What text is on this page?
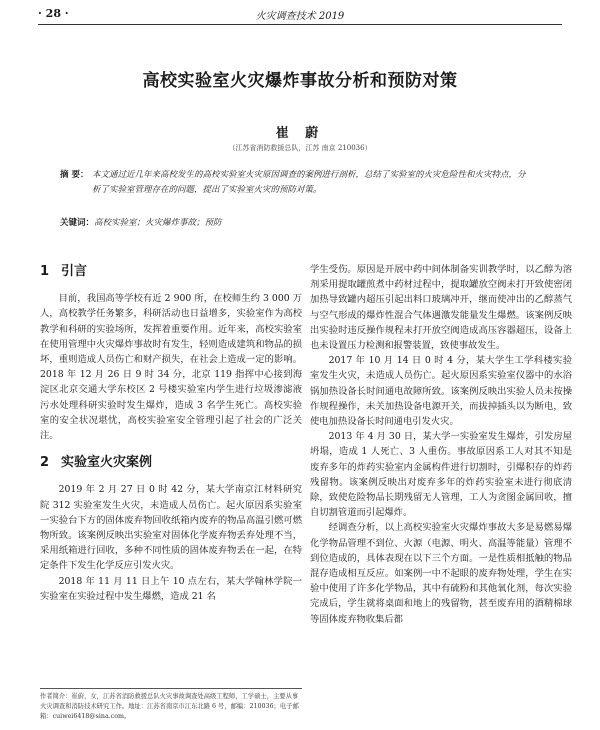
· 28 ·	火灾调查技术 2019
高校实验室火灾爆炸事故分析和预防对策
崔 蔚
（江苏省消防救援总队，江苏 南京 210036）
摘 要： 本文通过近几年来高校发生的高校实验室火灾原因调查的案例进行剖析，总结了实验室的火灾危险性和火灾特点，分析了实验室管理存在的问题，提出了实验室火灾的预防对策。
关键词：高校实验室；火灾爆炸事故；预防
1 引言

目前，我国高等学校有近 2 900 所，在校师生约 3 000 万人，高校教学任务繁多，科研活动也日益增多，实验室作为高校教学和科研的实验场所，发挥着重要作用。近年来，高校实验室在使用管理中火灾爆炸事故时有发生，轻则造成建筑和物品的损坏，重则造成人员伤亡和财产损失，在社会上造成一定的影响。2018 年 12 月 26 日 9 时 34 分，北京 119 指挥中心接到海淀区北京交通大学东校区 2 号楼实验室内学生进行垃圾渗滤液污水处理科研实验时发生爆炸，造成 3 名学生死亡。高校实验室的安全状况堪忧，高校实验室安全管理引起了社会的广泛关注。

2 实验室火灾案例

2019 年 2 月 27 日 0 时 42 分，某大学南京江材料研究院 312 实验室发生火灾，未造成人员伤亡。起火原因系实验室一实验台下方的固体废弃物回收纸箱内废弃的物品高温引燃可燃物所致。该案例反映出实验室对固体化学废弃物丢弃处理不当，采用纸箱进行回收，多种不同性质的固体废弃物丢在一起，在特定条件下发生化学反应引发火灾。

2018 年 11 月 11 日上午 10 点左右，某大学翰林学院一实验室在实验过程中发生爆燃，造成 21 名

学生受伤。原因是开展中药中间体制备实训教学时，以乙醇为溶剂采用提取罐煎煮中药材过程中，提取罐放空阀未打开致使密闭加热导致罐内超压引起出料口玻璃冲开，继而使冲出的乙醇蒸气与空气形成的爆炸性混合气体遇激发能量发生爆燃。该案例反映出实验时违反操作规程未打开放空阀造成高压容器超压，设备上也未设置压力检测和报警装置，致使事故发生。

2017 年 10 月 14 日 0 时 4 分，某大学生工学科楼实验室发生火灾，未造成人员伤亡。起火原因系实验室仪器中的水浴锅加热设备长时间通电故障所致。该案例反映出实验人员未按操作规程操作，未关加热设备电源开关，而拔掉插头以为断电，致使电加热设备长时间通电引发火灾。

2013 年 4 月 30 日，某大学一实验室发生爆炸，引发房屋坍塌，造成 1 人死亡、3 人重伤。事故原因系工人对其不知是废弃多年的炸药实验室内金属构件进行切割时，引爆积存的炸药残留物。该案例反映出对废弃多年的炸药实验室未进行彻底清除，致使危险物品长期残留无人管理，工人为贪图金属回收，擅自切割管道而引起爆炸。

经调查分析，以上高校实验室火灾爆炸事故大多是易燃易爆化学物品管理不到位、火源（电源、明火、高温等能量）管理不到位造成的，具体表现在以下三个方面。一是性质相抵触的物品混存造成相互反应。如案例一中不起眼的废弃物处理，学生在实验中使用了许多化学物品，其中有硫粉和其他氧化剂，每次实验完成后，学生就将桌面和地上的残留物，甚至废弃用的酒精棉球等固体废弃物收集后都

作者简介：崔蔚，女，江苏省消防救援总队火灾事故调查处高级工程师，工学硕士，主要从事火灾调查和消防技术研究工作。地址：江苏省南京市江东北路 6 号，邮编：210036；电子邮箱：cuiwei6418@sina.com。
